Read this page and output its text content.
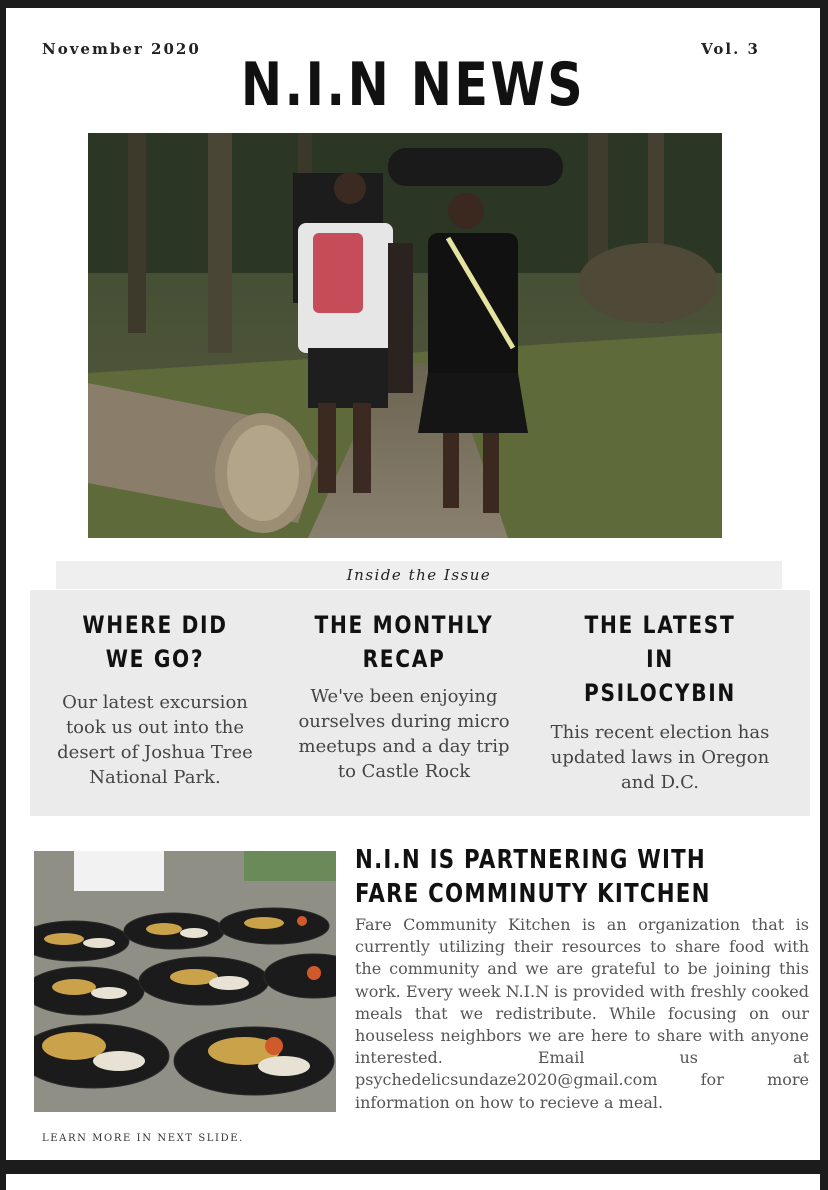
November 2020	Vol. 3
N.I.N NEWS
Inside the Issue
WHERE DID WE GO?

Our latest excursion took us out into the desert of Joshua Tree National Park.

THE MONTHLY RECAP

We've been enjoying ourselves during micro meetups and a day trip to Castle Rock

THE LATEST IN PSILOCYBIN

This recent election has updated laws in Oregon and D.C.

N.I.N IS PARTNERING WITH FARE COMMINUTY KITCHEN

Fare Community Kitchen is an organization that is currently utilizing their resources to share food with the community and we are grateful to be joining this work. Every week N.I.N is provided with freshly cooked meals that we redistribute. While focusing on our houseless neighbors we are here to share with anyone interested. Email us at psychedelicsundaze2020@gmail.com for more information on how to recieve a meal.

LEARN MORE IN NEXT SLIDE.
